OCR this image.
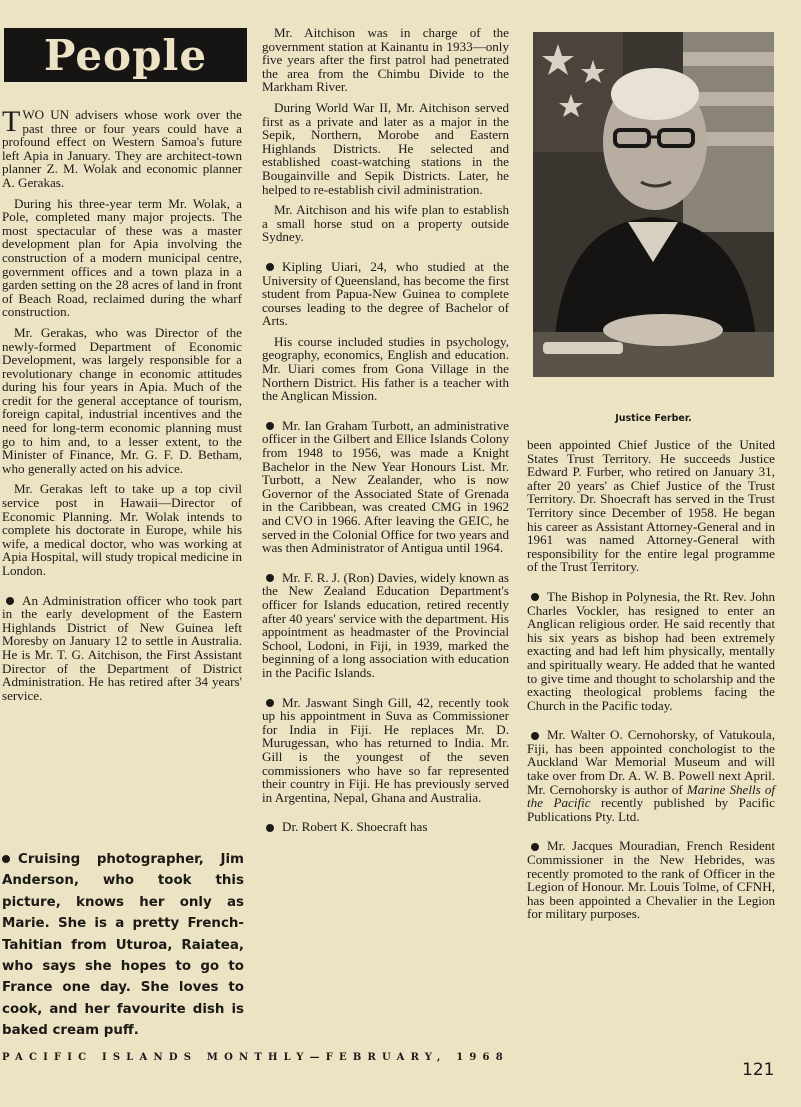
People

TWO UN advisers whose work over the past three or four years could have a profound effect on Western Samoa's future left Apia in January. They are architect-town planner Z. M. Wolak and economic planner A. Gerakas.

During his three-year term Mr. Wolak, a Pole, completed many major projects. The most spectacular of these was a master development plan for Apia involving the construction of a modern municipal centre, government offices and a town plaza in a garden setting on the 28 acres of land in front of Beach Road, reclaimed during the wharf construction.

Mr. Gerakas, who was Director of the newly-formed Department of Economic Development, was largely responsible for a revolutionary change in economic attitudes during his four years in Apia. Much of the credit for the general acceptance of tourism, foreign capital, industrial incentives and the need for long-term economic planning must go to him and, to a lesser extent, to the Minister of Finance, Mr. G. F. D. Betham, who generally acted on his advice.

Mr. Gerakas left to take up a top civil service post in Hawaii—Director of Economic Planning. Mr. Wolak intends to complete his doctorate in Europe, while his wife, a medical doctor, who was working at Apia Hospital, will study tropical medicine in London.

An Administration officer who took part in the early development of the Eastern Highlands District of New Guinea left Moresby on January 12 to settle in Australia. He is Mr. T. G. Aitchison, the First Assistant Director of the Department of District Administration. He has retired after 34 years' service.

Cruising photographer, Jim Anderson, who took this picture, knows her only as Marie. She is a pretty French-Tahitian from Uturoa, Raiatea, who says she hopes to go to France one day. She loves to cook, and her favourite dish is baked cream puff.

Mr. Aitchison was in charge of the government station at Kainantu in 1933—only five years after the first patrol had penetrated the area from the Chimbu Divide to the Markham River.

During World War II, Mr. Aitchison served first as a private and later as a major in the Sepik, Northern, Morobe and Eastern Highlands Districts. He selected and established coast-watching stations in the Bougainville and Sepik Districts. Later, he helped to re-establish civil administration.

Mr. Aitchison and his wife plan to establish a small horse stud on a property outside Sydney.

Kipling Uiari, 24, who studied at the University of Queensland, has become the first student from Papua-New Guinea to complete courses leading to the degree of Bachelor of Arts.

His course included studies in psychology, geography, economics, English and education. Mr. Uiari comes from Gona Village in the Northern District. His father is a teacher with the Anglican Mission.

Mr. Ian Graham Turbott, an administrative officer in the Gilbert and Ellice Islands Colony from 1948 to 1956, was made a Knight Bachelor in the New Year Honours List. Mr. Turbott, a New Zealander, who is now Governor of the Associated State of Grenada in the Caribbean, was created CMG in 1962 and CVO in 1966. After leaving the GEIC, he served in the Colonial Office for two years and was then Administrator of Antigua until 1964.

Mr. F. R. J. (Ron) Davies, widely known as the New Zealand Education Department's officer for Islands education, retired recently after 40 years' service with the department. His appointment as headmaster of the Provincial School, Lodoni, in Fiji, in 1939, marked the beginning of a long association with education in the Pacific Islands.

Mr. Jaswant Singh Gill, 42, recently took up his appointment in Suva as Commissioner for India in Fiji. He replaces Mr. D. Murugessan, who has returned to India. Mr. Gill is the youngest of the seven commissioners who have so far represented their country in Fiji. He has previously served in Argentina, Nepal, Ghana and Australia.

Dr. Robert K. Shoecraft has

Justice Ferber.

been appointed Chief Justice of the United States Trust Territory. He succeeds Justice Edward P. Furber, who retired on January 31, after 20 years' as Chief Justice of the Trust Territory. Dr. Shoecraft has served in the Trust Territory since December of 1958. He began his career as Assistant Attorney-General and in 1961 was named Attorney-General with responsibility for the entire legal programme of the Trust Territory.

The Bishop in Polynesia, the Rt. Rev. John Charles Vockler, has resigned to enter an Anglican religious order. He said recently that his six years as bishop had been extremely exacting and had left him physically, mentally and spiritually weary. He added that he wanted to give time and thought to scholarship and the exacting theological problems facing the Church in the Pacific today.

Mr. Walter O. Cernohorsky, of Vatukoula, Fiji, has been appointed conchologist to the Auckland War Memorial Museum and will take over from Dr. A. W. B. Powell next April. Mr. Cernohorsky is author of Marine Shells of the Pacific recently published by Pacific Publications Pty. Ltd.

Mr. Jacques Mouradian, French Resident Commissioner in the New Hebrides, was recently promoted to the rank of Officer in the Legion of Honour. Mr. Louis Tolme, of CFNH, has been appointed a Chevalier in the Legion for military purposes.

PACIFIC ISLANDS MONTHLY—FEBRUARY, 1968
121
